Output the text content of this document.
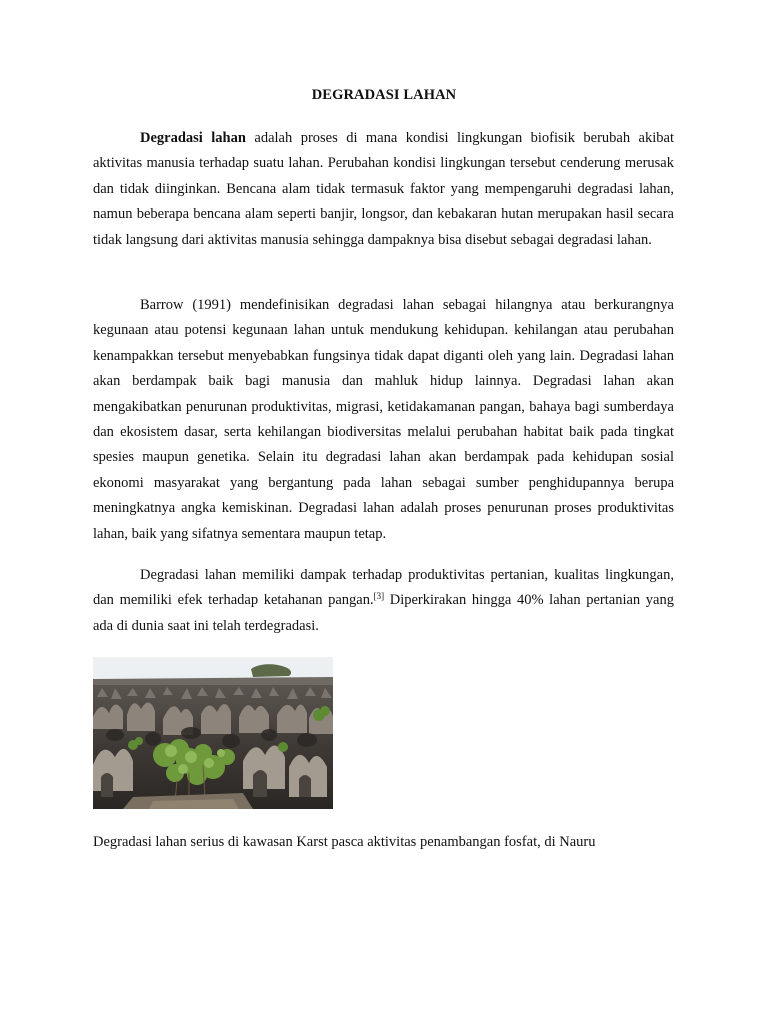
DEGRADASI LAHAN

Degradasi lahan adalah proses di mana kondisi lingkungan biofisik berubah akibat aktivitas manusia terhadap suatu lahan. Perubahan kondisi lingkungan tersebut cenderung merusak dan tidak diinginkan. Bencana alam tidak termasuk faktor yang mempengaruhi degradasi lahan, namun beberapa bencana alam seperti banjir, longsor, dan kebakaran hutan merupakan hasil secara tidak langsung dari aktivitas manusia sehingga dampaknya bisa disebut sebagai degradasi lahan.

Barrow (1991) mendefinisikan degradasi lahan sebagai hilangnya atau berkurangnya kegunaan atau potensi kegunaan lahan untuk mendukung kehidupan. kehilangan atau perubahan kenampakkan tersebut menyebabkan fungsinya tidak dapat diganti oleh yang lain. Degradasi lahan akan berdampak baik bagi manusia dan mahluk hidup lainnya. Degradasi lahan akan mengakibatkan penurunan produktivitas, migrasi, ketidakamanan pangan, bahaya bagi sumberdaya dan ekosistem dasar, serta kehilangan biodiversitas melalui perubahan habitat baik pada tingkat spesies maupun genetika. Selain itu degradasi lahan akan berdampak pada kehidupan sosial ekonomi masyarakat yang bergantung pada lahan sebagai sumber penghidupannya berupa meningkatnya angka kemiskinan. Degradasi lahan adalah proses penurunan proses produktivitas lahan, baik yang sifatnya sementara maupun tetap.

Degradasi lahan memiliki dampak terhadap produktivitas pertanian, kualitas lingkungan, dan memiliki efek terhadap ketahanan pangan.[3] Diperkirakan hingga 40% lahan pertanian yang ada di dunia saat ini telah terdegradasi.

Degradasi lahan serius di kawasan Karst pasca aktivitas penambangan fosfat, di Nauru
